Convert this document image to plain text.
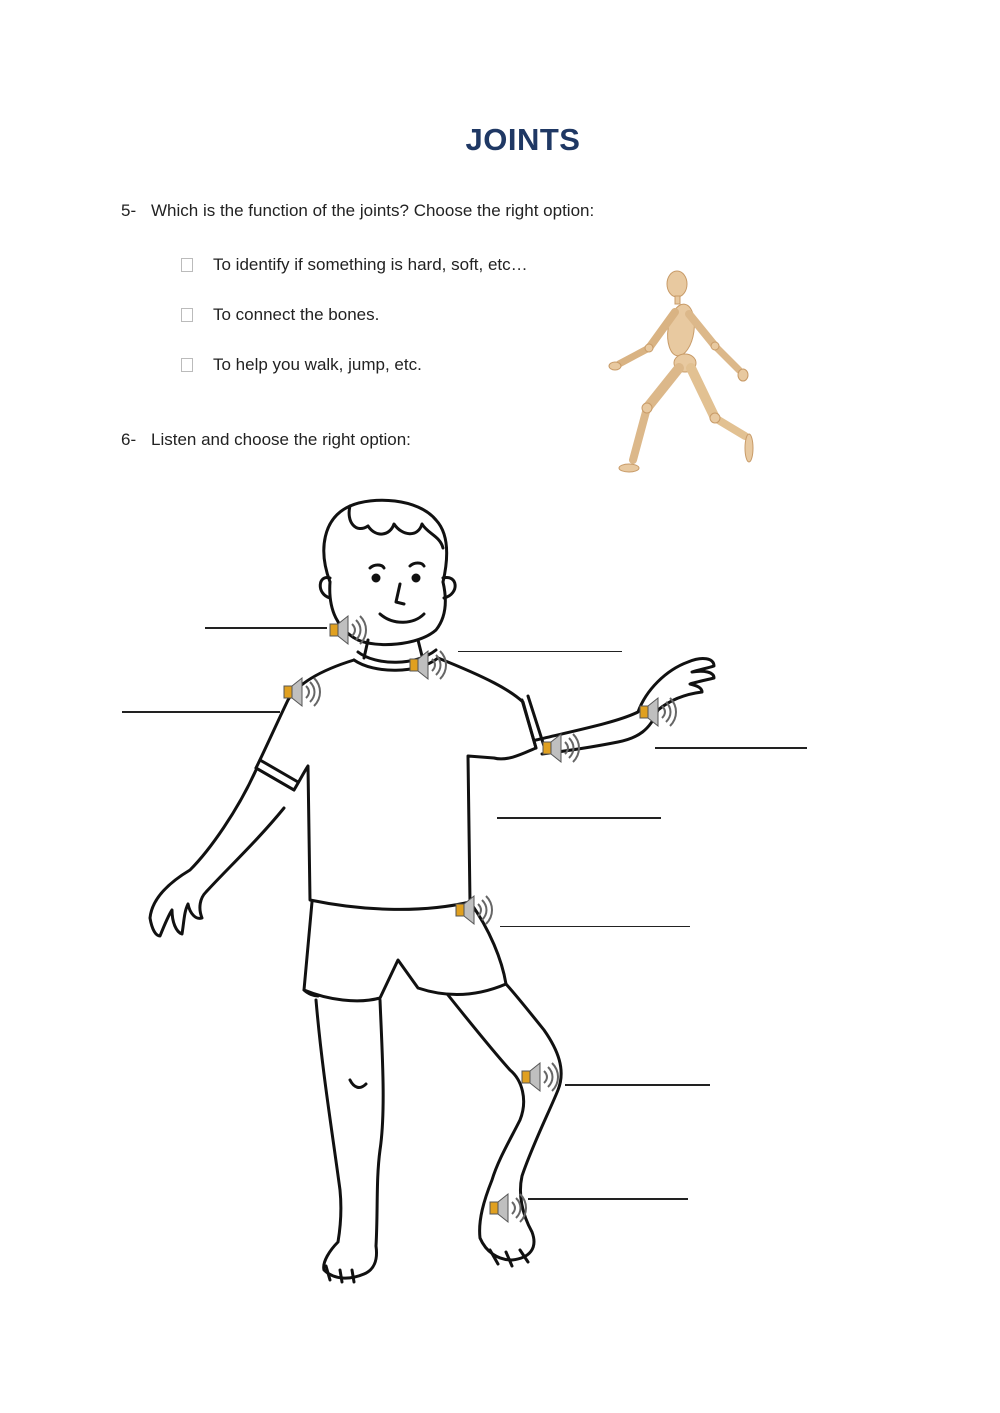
JOINTS
5- Which is the function of the joints? Choose the right option:
To identify if something is hard, soft, etc…
To connect the bones.
To help you walk, jump, etc.
6- Listen and choose the right option:
